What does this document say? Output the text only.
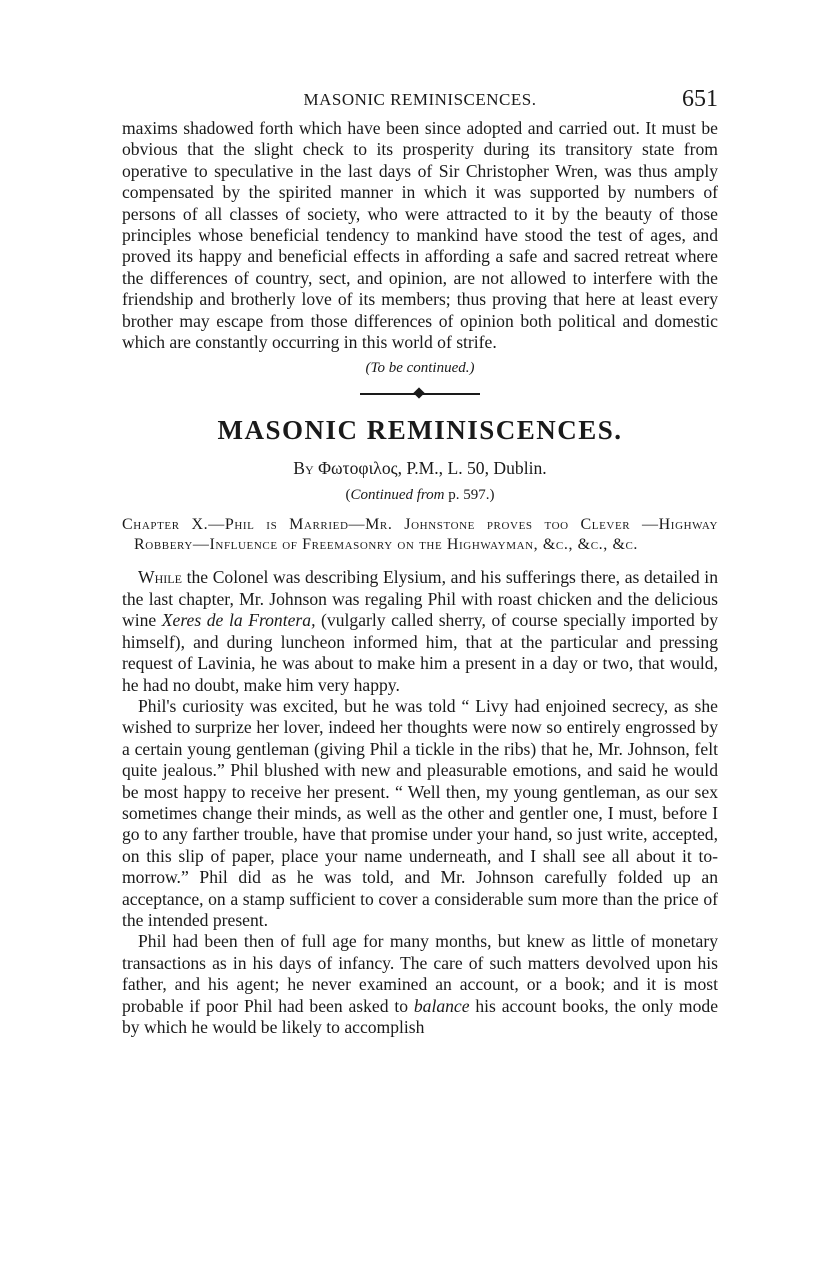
MASONIC REMINISCENCES.	651

maxims shadowed forth which have been since adopted and carried out. It must be obvious that the slight check to its prosperity during its transitory state from operative to speculative in the last days of Sir Christopher Wren, was thus amply compensated by the spirited manner in which it was supported by numbers of persons of all classes of society, who were attracted to it by the beauty of those principles whose beneficial tendency to mankind have stood the test of ages, and proved its happy and beneficial effects in affording a safe and sacred retreat where the differences of country, sect, and opinion, are not allowed to interfere with the friendship and brotherly love of its members; thus proving that here at least every brother may escape from those differences of opinion both political and domestic which are constantly occurring in this world of strife.

(To be continued.)
MASONIC REMINISCENCES.
By Φωτοφιλος, P.M., L. 50, Dublin.
(Continued from p. 597.)

Chapter X.—Phil is Married—Mr. Johnstone proves too Clever —Highway Robbery—Influence of Freemasonry on the Highwayman, &c., &c., &c.

While the Colonel was describing Elysium, and his sufferings there, as detailed in the last chapter, Mr. Johnson was regaling Phil with roast chicken and the delicious wine Xeres de la Frontera, (vulgarly called sherry, of course specially imported by himself), and during luncheon informed him, that at the particular and pressing request of Lavinia, he was about to make him a present in a day or two, that would, he had no doubt, make him very happy.

Phil's curiosity was excited, but he was told “ Livy had enjoined secrecy, as she wished to surprize her lover, indeed her thoughts were now so entirely engrossed by a certain young gentleman (giving Phil a tickle in the ribs) that he, Mr. Johnson, felt quite jealous.” Phil blushed with new and pleasurable emotions, and said he would be most happy to receive her present. “ Well then, my young gentleman, as our sex sometimes change their minds, as well as the other and gentler one, I must, before I go to any farther trouble, have that promise under your hand, so just write, accepted, on this slip of paper, place your name underneath, and I shall see all about it to-morrow.” Phil did as he was told, and Mr. Johnson carefully folded up an acceptance, on a stamp sufficient to cover a considerable sum more than the price of the intended present.

Phil had been then of full age for many months, but knew as little of monetary transactions as in his days of infancy. The care of such matters devolved upon his father, and his agent; he never examined an account, or a book; and it is most probable if poor Phil had been asked to balance his account books, the only mode by which he would be likely to accomplish
